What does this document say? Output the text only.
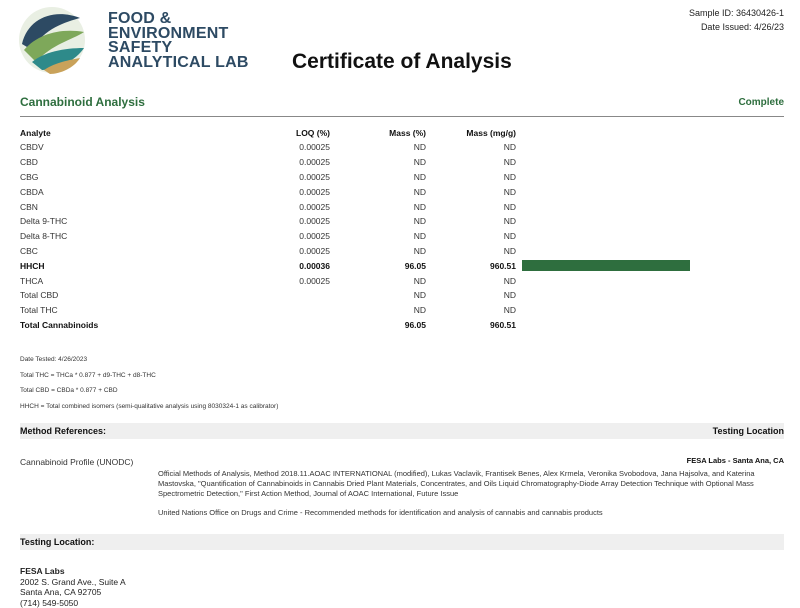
FOOD &
ENVIRONMENT
SAFETY
ANALYTICAL LAB
Sample ID: 36430426-1
Date Issued: 4/26/23
Certificate of Analysis
Cannabinoid Analysis	Complete
Analyte	LOQ (%)	Mass (%)	Mass (mg/g)	
CBDV	0.00025	ND	ND	
CBD	0.00025	ND	ND	
CBG	0.00025	ND	ND	
CBDA	0.00025	ND	ND	
CBN	0.00025	ND	ND	
Delta 9-THC	0.00025	ND	ND	
Delta 8-THC	0.00025	ND	ND	
CBC	0.00025	ND	ND	
HHCH	0.00036	96.05	960.51	

THCA	0.00025	ND	ND	
Total CBD		ND	ND	
Total THC		ND	ND	
Total Cannabinoids		96.05	960.51	
Date Tested: 4/26/2023
Total THC = THCa * 0.877 + d9-THC + d8-THC
Total CBD = CBDa * 0.877 + CBD
HHCH = Total combined isomers (semi-qualitative analysis using 8030324-1 as calibrator)
Method References:	Testing Location
Cannabinoid Profile (UNODC)	FESA Labs - Santa Ana, CA
Official Methods of Analysis, Method 2018.11.AOAC INTERNATIONAL (modified), Lukas Vaclavik, Frantisek Benes, Alex Krmela, Veronika Svobodova, Jana Hajsolva, and Katerina Mastovska, "Quantification of Cannabinoids in Cannabis Dried Plant Materials, Concentrates, and Oils Liquid Chromatography-Diode Array Detection Technique with Optional Mass Spectrometric Detection," First Action Method, Journal of AOAC International, Future Issue
United Nations Office on Drugs and Crime - Recommended methods for identification and analysis of cannabis and cannabis products
Testing Location:
FESA Labs
2002 S. Grand Ave., Suite A
Santa Ana, CA 92705
(714) 549-5050
